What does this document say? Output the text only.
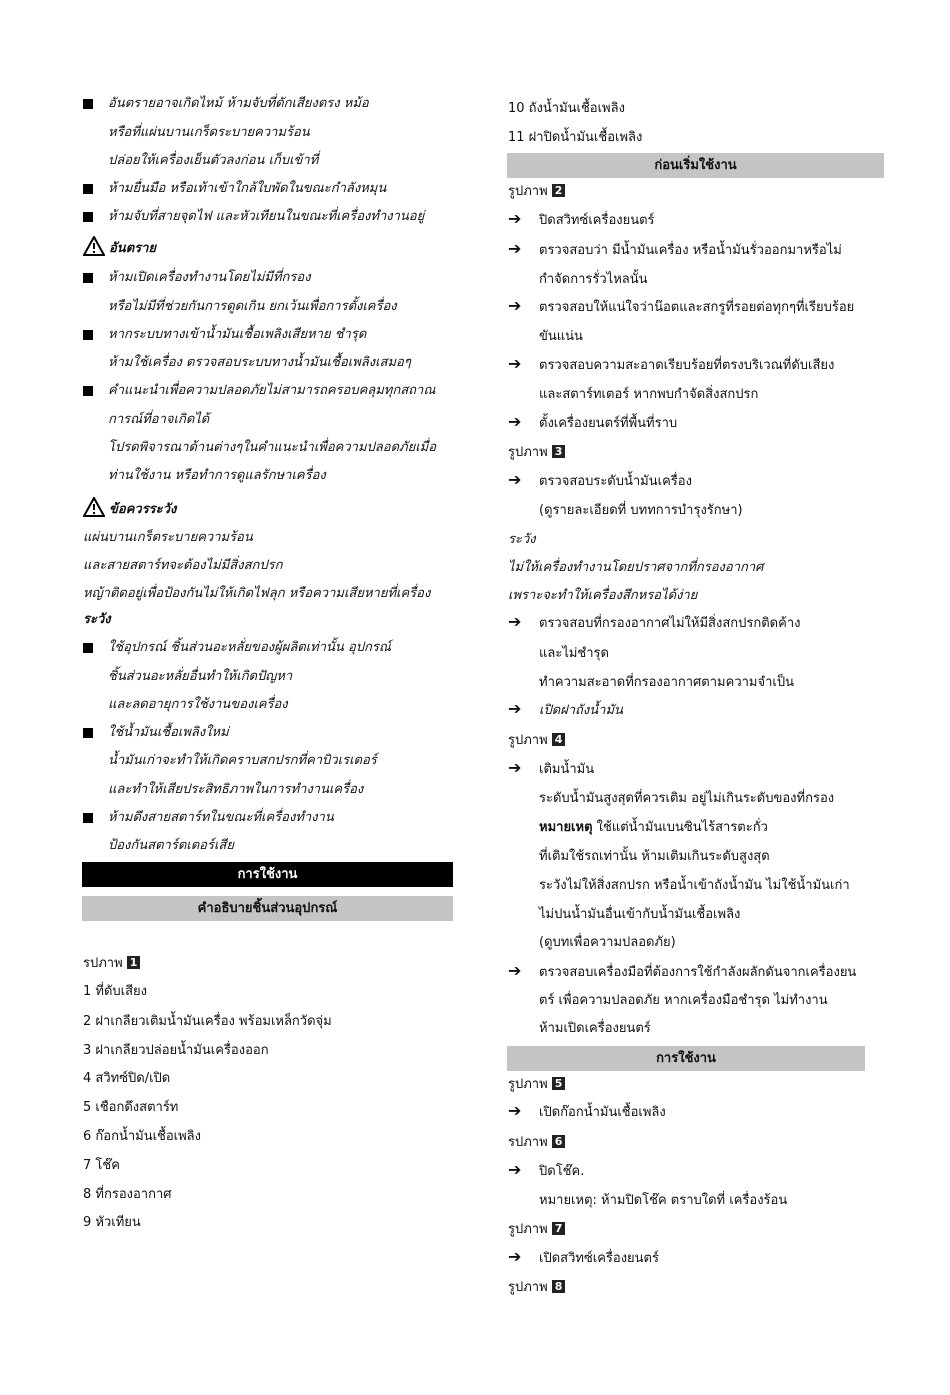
อันตรายอาจเกิดไหม้ ห้ามจับที่ดักเสียงตรง หม้อ
หรือที่แผ่นบานเกร็ดระบายความร้อน
ปล่อยให้เครื่องเย็นตัวลงก่อน เก็บเข้าที่
ห้ามยื่นมือ หรือเท้าเข้าใกล้ใบพัดในขณะกำลังหมุน
ห้ามจับที่สายจุดไฟ และหัวเทียนในขณะที่เครื่องทำงานอยู่
อันตราย
ห้ามเปิดเครื่องทำงานโดยไม่มีที่กรอง
หรือไม่มีที่ช่วยกันการดูดเกิน ยกเว้นเพื่อการตั้งเครื่อง
หากระบบทางเข้าน้ำมันเชื้อเพลิงเสียหาย ชำรุด
ห้ามใช้เครื่อง ตรวจสอบระบบทางน้ำมันเชื้อเพลิงเสมอๆ
คำแนะนำเพื่อความปลอดภัยไม่สามารถครอบคลุมทุกสถาณ
การณ์ที่อาจเกิดได้
โปรดพิจารณาด้านต่างๆในคำแนะนำเพื่อความปลอดภัยเมื่อ
ท่านใช้งาน หรือทำการดูแลรักษาเครื่อง
ข้อควรระวัง
แผ่นบานเกร็ดระบายความร้อน
และสายสตาร์ทจะต้องไม่มีสิ่งสกปรก
หญ้าติดอยู่เพื่อป้องกันไม่ให้เกิดไฟลุก หรือความเสียหายที่เครื่อง
ระวัง
ใช้อุปกรณ์ ชิ้นส่วนอะหลั่ยของผู้ผลิตเท่านั้น อุปกรณ์
ชิ้นส่วนอะหลั่ยอื่นทำให้เกิดปัญหา
และลดอายุการใช้งานของเครื่อง
ใช้น้ำมันเชื้อเพลิงใหม่
น้ำมันเก่าจะทำให้เกิดคราบสกปรกที่คาบิวเรเตอร์
และทำให้เสียประสิทธิภาพในการทำงานเครื่อง
ห้ามดึงสายสตาร์ทในขณะที่เครื่องทำงาน
ป้องกันสตาร์ตเตอร์เสีย
การใช้งาน
คำอธิบายชิ้นส่วนอุปกรณ์
รปภาพ 1
1 ที่ดับเสียง
2 ฝาเกลียวเติมน้ำมันเครื่อง พร้อมเหล็กวัดจุ่ม
3 ฝาเกลียวปล่อยน้ำมันเครื่องออก
4 สวิทซ์ปิด/เปิด
5 เชือกดึงสตาร์ท
6 ก๊อกน้ำมันเชื้อเพลิง
7 โช๊ค
8 ที่กรองอากาศ
9 หัวเทียน
10 ถังน้ำมันเชื้อเพลิง
11 ฝาปิดน้ำมันเชื้อเพลิง
ก่อนเริ่มใช้งาน
รูปภาพ 2
➔ ปิดสวิทซ์เครื่องยนตร์
➔ ตรวจสอบว่า มีน้ำมันเครื่อง หรือน้ำมันรั่วออกมาหรือไม่
กำจัดการรั่วไหลนั้น
➔ ตรวจสอบให้แน่ใจว่าน๊อตและสกรูที่รอยต่อทุกๆที่เรียบร้อย
ขันแน่น
➔ ตรวจสอบความสะอาดเรียบร้อยที่ตรงบริเวณที่ดับเสียง
และสตาร์ทเตอร์ หากพบกำจัดสิ่งสกปรก
➔ ตั้งเครื่องยนตร์ที่พื้นที่ราบ
รูปภาพ 3
➔ ตรวจสอบระดับน้ำมันเครื่อง
(ดูรายละเอียดที่ บททการบำรุงรักษา)
ระวัง
ไม่ให้เครื่องทำงานโดยปราศจากที่กรองอากาศ
เพราะจะทำให้เครื่องสึกหรอได้ง่าย
➔ ตรวจสอบที่กรองอากาศไม่ให้มีสิ่งสกปรกติดค้าง
และไม่ชำรุด
ทำความสะอาดที่กรองอากาศตามความจำเป็น
➔ เปิดฝาถังน้ำมัน
รูปภาพ 4
➔ เติมน้ำมัน
ระดับน้ำมันสูงสุดที่ควรเติม อยู่ไม่เกินระดับของที่กรอง
หมายเหตุ ใช้แต่น้ำมันเบนซินไร้สารตะกั่ว
ที่เติมใช้รถเท่านั้น ห้ามเติมเกินระดับสูงสุด
ระวังไม่ให้สิ่งสกปรก หรือน้ำเข้าถังน้ำมัน ไม่ใช้น้ำมันเก่า
ไม่ปนน้ำมันอื่นเข้ากับน้ำมันเชื้อเพลิง
(ดูบทเพื่อความปลอดภัย)
➔ ตรวจสอบเครื่องมือที่ต้องการใช้กำลังผลักดันจากเครื่องยน
ตร์ เพื่อความปลอดภัย หากเครื่องมือชำรุด ไม่ทำงาน
ห้ามเปิดเครื่องยนตร์
การใช้งาน
รูปภาพ 5
➔ เปิดก๊อกน้ำมันเชื้อเพลิง
รปภาพ 6
➔ ปิดโช๊ค.
หมายเหตุ: ห้ามปิดโช๊ค ตราบใดที่ เครื่องร้อน
รูปภาพ 7
➔ เปิดสวิทซ์เครื่องยนตร์
รูปภาพ 8
